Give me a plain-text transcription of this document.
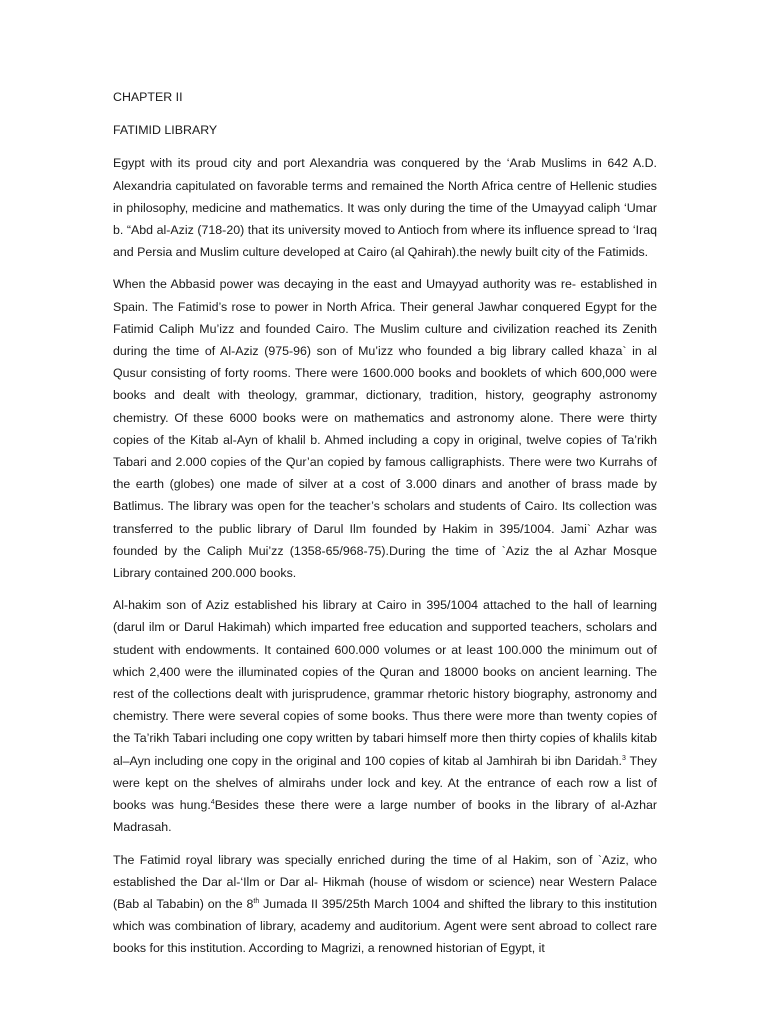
CHAPTER II
FATIMID LIBRARY

Egypt with its proud city and port Alexandria was conquered by the ‘Arab Muslims in 642 A.D. Alexandria capitulated on favorable terms and remained the North Africa centre of Hellenic studies in philosophy, medicine and mathematics. It was only during the time of the Umayyad caliph ‘Umar b. “Abd al-Aziz (718-20) that its university moved to Antioch from where its influence spread to ‘Iraq and Persia and Muslim culture developed at Cairo (al Qahirah).the newly built city of the Fatimids.

When the Abbasid power was decaying in the east and Umayyad authority was re- established in Spain. The Fatimid’s rose to power in North Africa. Their general Jawhar conquered Egypt for the Fatimid Caliph Mu’izz and founded Cairo. The Muslim culture and civilization reached its Zenith during the time of Al-Aziz (975-96) son of Mu’izz who founded a big library called khaza` in al Qusur consisting of forty rooms. There were 1600.000 books and booklets of which 600,000 were books and dealt with theology, grammar, dictionary, tradition, history, geography astronomy chemistry. Of these 6000 books were on mathematics and astronomy alone. There were thirty copies of the Kitab al-Ayn of khalil b. Ahmed including a copy in original, twelve copies of Ta’rikh Tabari and 2.000 copies of the Qur’an copied by famous calligraphists. There were two Kurrahs of the earth (globes) one made of silver at a cost of 3.000 dinars and another of brass made by Batlimus. The library was open for the teacher’s scholars and students of Cairo. Its collection was transferred to the public library of Darul Ilm founded by Hakim in 395/1004. Jami` Azhar was founded by the Caliph Mui’zz (1358-65/968-75).During the time of `Aziz the al Azhar Mosque Library contained 200.000 books.

Al-hakim son of Aziz established his library at Cairo in 395/1004 attached to the hall of learning (darul ilm or Darul Hakimah) which imparted free education and supported teachers, scholars and student with endowments. It contained 600.000 volumes or at least 100.000 the minimum out of which 2,400 were the illuminated copies of the Quran and 18000 books on ancient learning. The rest of the collections dealt with jurisprudence, grammar rhetoric history biography, astronomy and chemistry. There were several copies of some books. Thus there were more than twenty copies of the Ta’rikh Tabari including one copy written by tabari himself more then thirty copies of khalils kitab al–Ayn including one copy in the original and 100 copies of kitab al Jamhirah bi ibn Daridah.$^3$ They were kept on the shelves of almirahs under lock and key. At the entrance of each row a list of books was hung.$^4$Besides these there were a large number of books in the library of al-Azhar Madrasah.

The Fatimid royal library was specially enriched during the time of al Hakim, son of `Aziz, who established the Dar al-‘Ilm or Dar al- Hikmah (house of wisdom or science) near Western Palace (Bab al Tababin) on the 8th Jumada II 395/25th March 1004 and shifted the library to this institution which was combination of library, academy and auditorium. Agent were sent abroad to collect rare books for this institution. According to Magrizi, a renowned historian of Egypt, it
